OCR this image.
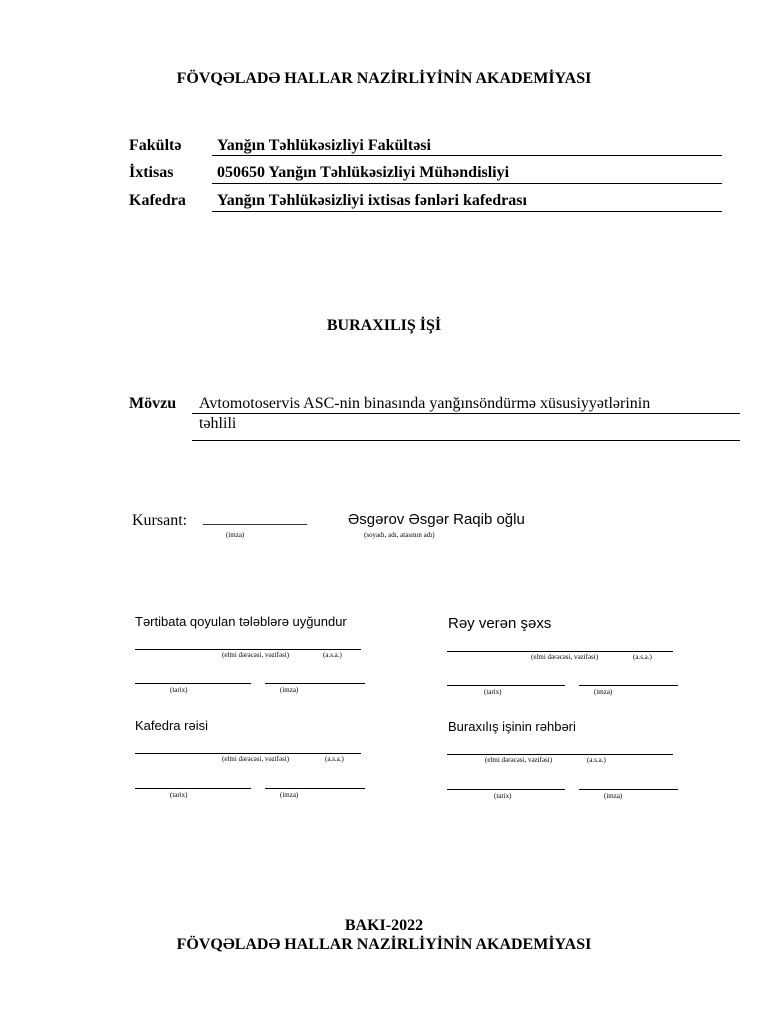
FÖVQƏLADƏ HALLAR NAZİRLİYİNİN AKADEMİYASI
Fakültə Yanğın Təhlükəsizliyi Fakültəsi
İxtisas	050650 Yanğın Təhlükəsizliyi Mühəndisliyi
Kafedra Yanğın Təhlükəsizliyi ixtisas fənləri kafedrası
BURAXILIŞ İŞİ
Mövzu Avtomotoservis ASC-nin binasında yanğınsöndürmə xüsusiyyətlərinin
təhlili
Kursant: _____________
(imza)
Əsgərov Əsgər Raqib oğlu
(soyadı, adı, atasının adı)
Tərtibata qoyulan tələblərə uyğundur
(elmi dərəcəsi, vəzifəsi)	(a.s.a.)
(tarix)	(imza)
Rəy verən şəxs
(elmi dərəcəsi, vəzifəsi)	(a.s.a.)
(tarix)	(imza)
Kafedra rəisi
(elmi dərəcəsi, vəzifəsi)	(a.s.a.)
(tarix)	(imza)
Buraxılış işinin rəhbəri
(elmi dərəcəsi, vəzifəsi)	(a.s.a.)
(tarix)	(imza)
BAKI-2022
FÖVQƏLADƏ HALLAR NAZİRLİYİNİN AKADEMİYASI
